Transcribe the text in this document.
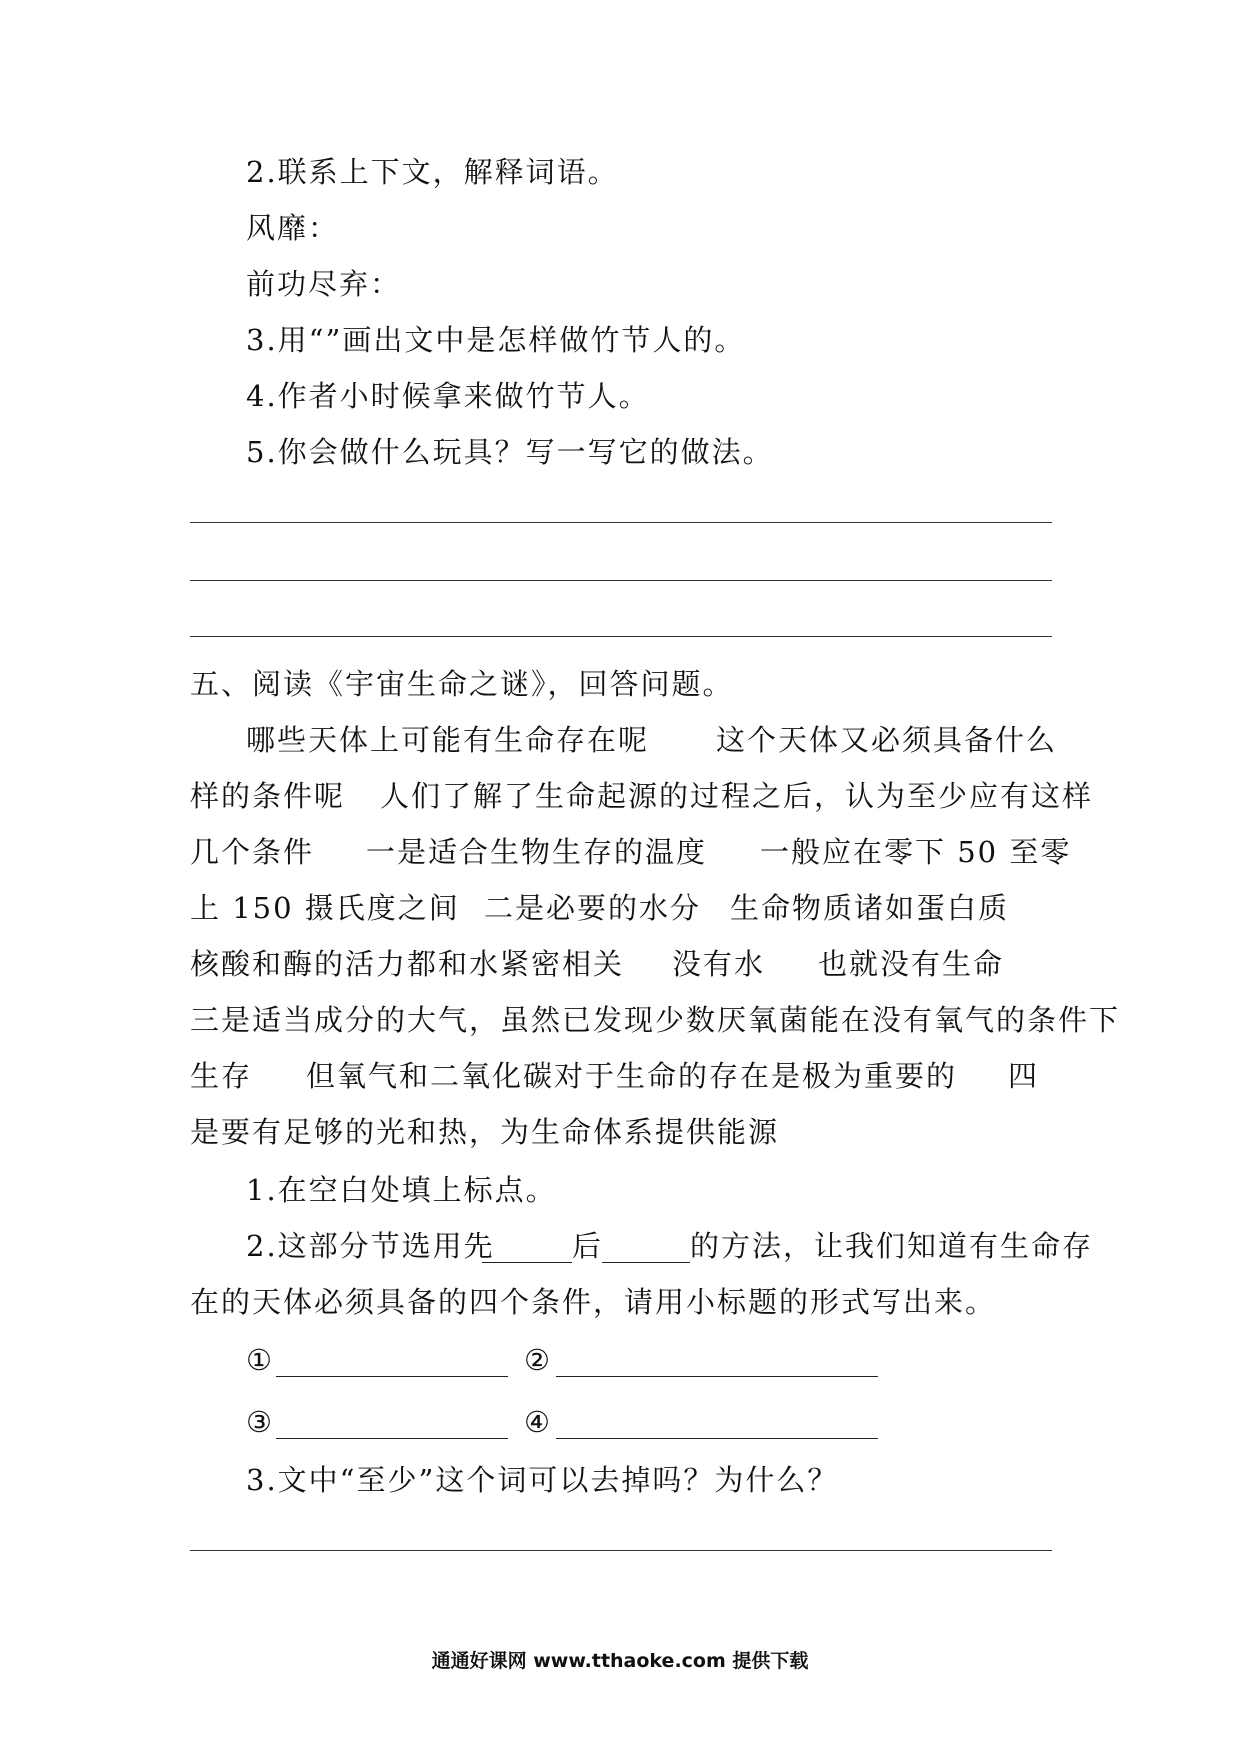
2.联系上下文，解释词语。
风靡：
前功尽弃：
3.用“”画出文中是怎样做竹节人的。
4.作者小时候拿来做竹节人。
5.你会做什么玩具？写一写它的做法。
五、阅读《宇宙生命之谜》，回答问题。
哪些天体上可能有生命存在呢 这个天体又必须具备什么
样的条件呢 人们了解了生命起源的过程之后，认为至少应有这样
几个条件 一是适合生物生存的温度 一般应在零下 50 至零
上 150 摄氏度之间 二是必要的水分 生命物质诸如蛋白质
核酸和酶的活力都和水紧密相关 没有水 也就没有生命
三是适当成分的大气，虽然已发现少数厌氧菌能在没有氧气的条件下
生存 但氧气和二氧化碳对于生命的存在是极为重要的 四
是要有足够的光和热，为生命体系提供能源
1.在空白处填上标点。
2.这部分节选用先	后	的方法，让我们知道有生命存
在的天体必须具备的四个条件，请用小标题的形式写出来。
①	②
③	④
3.文中“至少”这个词可以去掉吗？为什么？
通通好课网 www.tthaoke.com 提供下载
